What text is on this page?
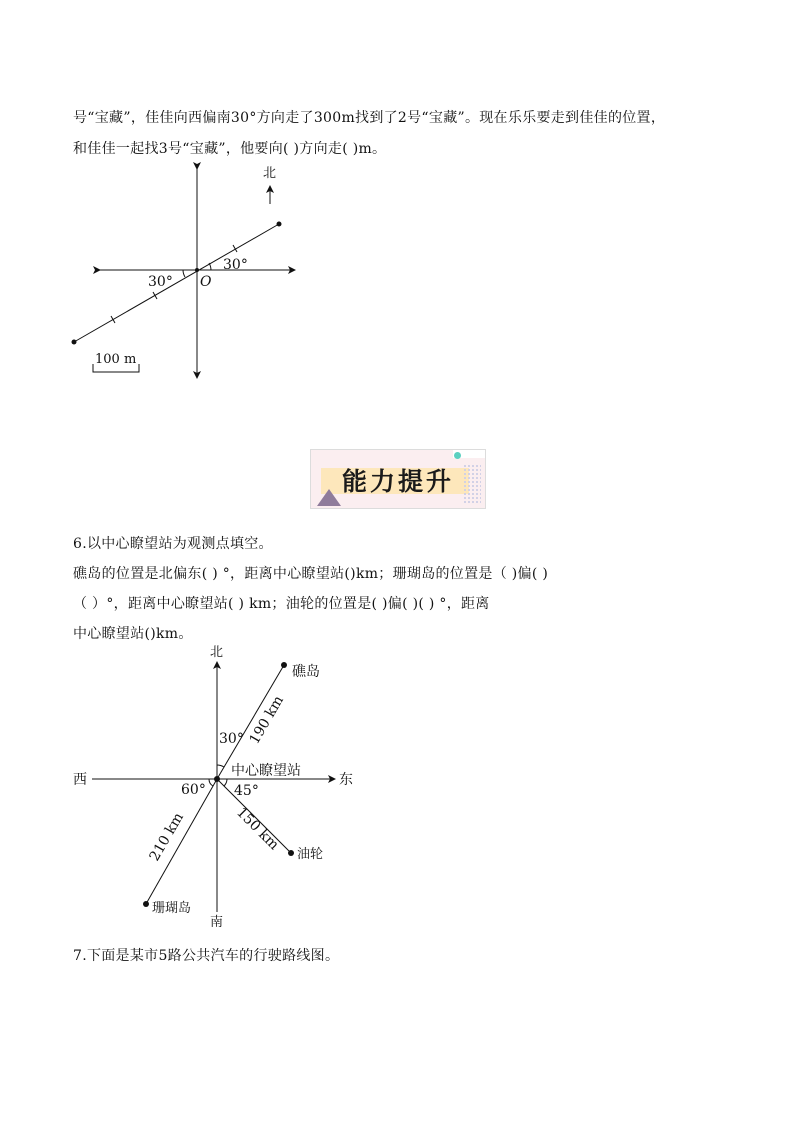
号“宝藏”，佳佳向西偏南30°方向走了300m找到了2号“宝藏”。现在乐乐要走到佳佳的位置，
和佳佳一起找3号“宝藏”，他要向( )方向走( )m。
北
30°
30° O
100 m
能力提升
6.以中心瞭望站为观测点填空。
礁岛的位置是北偏东( ) °，距离中心瞭望站()km；珊瑚岛的位置是（ )偏( )
（ ）°，距离中心瞭望站( ) km；油轮的位置是( )偏( )( ) °，距离
中心瞭望站()km。
北
南
东
西
礁岛
190 km
30°
珊瑚岛
210 km
60°
油轮
150 km
45°
中心瞭望站
7.下面是某市5路公共汽车的行驶路线图。
